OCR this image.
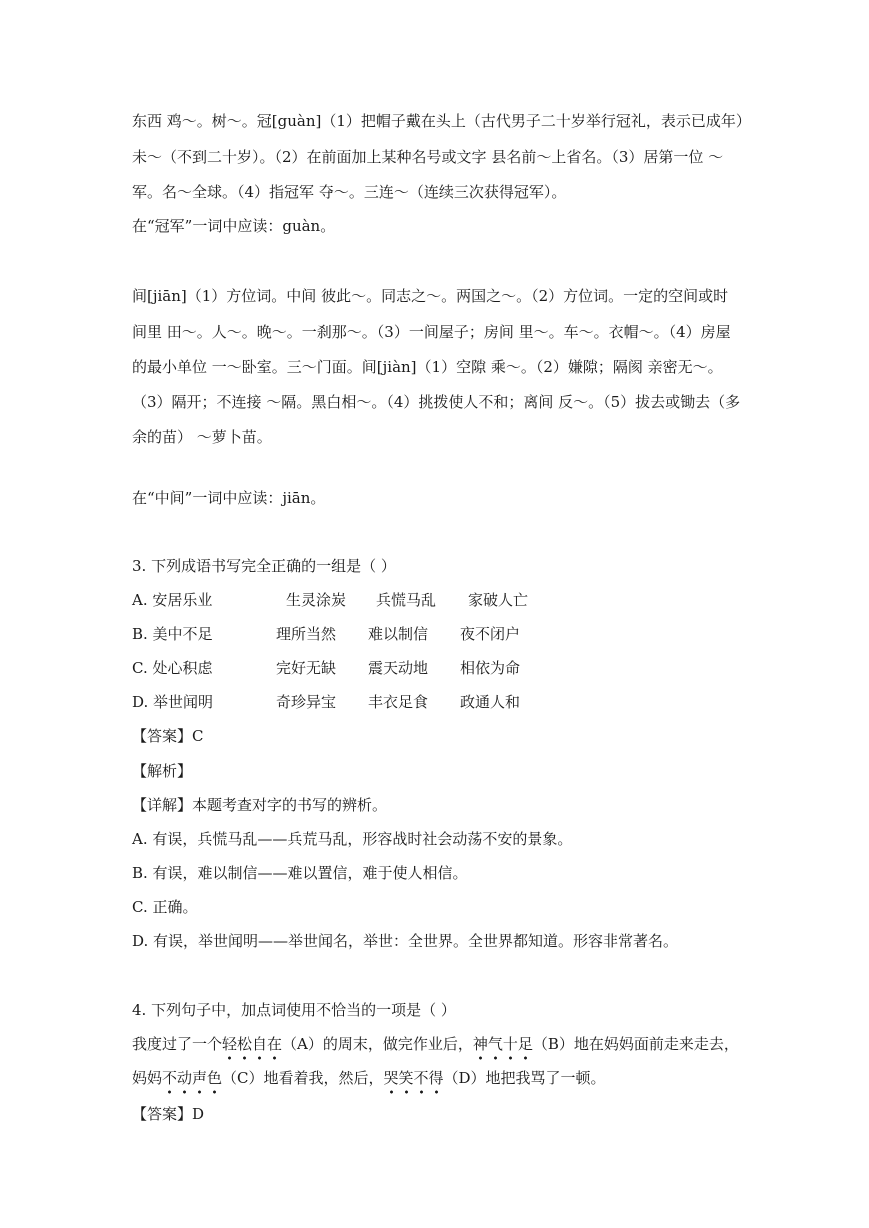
东西 鸡～。树～。冠[guàn]（1）把帽子戴在头上（古代男子二十岁举行冠礼，表示已成年）
未～（不到二十岁）。（2）在前面加上某种名号或文字 县名前～上省名。（3）居第一位 ～
军。名～全球。（4）指冠军 夺～。三连～（连续三次获得冠军）。
在“冠军”一词中应读：guàn。
间[jiān]（1）方位词。中间 彼此～。同志之～。两国之～。（2）方位词。一定的空间或时
间里 田～。人～。晚～。一刹那～。（3）一间屋子；房间 里～。车～。衣帽～。（4）房屋
的最小单位 一～卧室。三～门面。间[jiàn]（1）空隙 乘～。（2）嫌隙；隔阂 亲密无～。
（3）隔开；不连接 ～隔。黑白相～。（4）挑拨使人不和；离间 反～。（5）拔去或锄去（多
余的苗） ～萝卜苗。
在“中间”一词中应读：jiān。
3. 下列成语书写完全正确的一组是（ ）
A. 安居乐业	生灵涂炭 兵慌马乱 家破人亡
B. 美中不足	理所当然 难以制信 夜不闭户
C. 处心积虑	完好无缺 震天动地 相依为命
D. 举世闻明	奇珍异宝 丰衣足食 政通人和
【答案】C
【解析】
【详解】本题考查对字的书写的辨析。
A. 有误，兵慌马乱——兵荒马乱，形容战时社会动荡不安的景象。
B. 有误，难以制信——难以置信，难于使人相信。
C. 正确。
D. 有误，举世闻明——举世闻名，举世：全世界。全世界都知道。形容非常著名。
4. 下列句子中，加点词使用不恰当的一项是（ ）
我度过了一个轻松自在
（A）的周末，做完作业后，神气十足
（B）地在妈妈面前走来走去，
妈妈不动声色
（C）地看着我，然后，哭笑不得
（D）地把我骂了一顿。
【答案】D
